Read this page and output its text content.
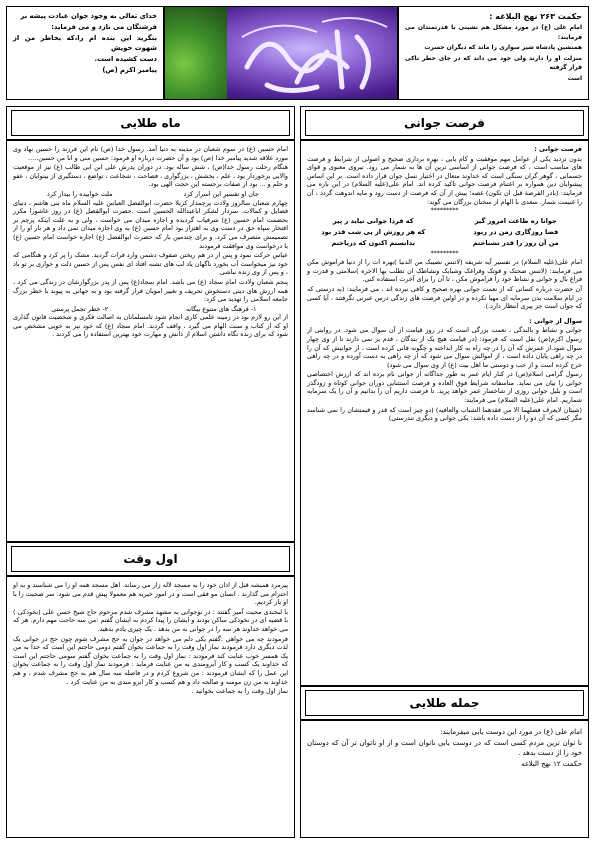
خدای تعالی به وجود جوان عبادت پیشه بر

فرشتگان می نازد و می فرماید:

بنگرید این بنده ام را،که بخاطر من از شهوت خویش

دست کشیده است.

پیامبر اکرم (ص)

حکمت ۲۶۳ نهج البلاغه :

امام علی (ع) در مورد مشکل هم نشینی با قدرتمندان می فرمایند:

همنشین پادشاه شیر سواری را ماند که دیگران حسرت

منزلت او را دارند ولی خود می داند که در جای خطر ناکی قرار گرفته

است

فرصت جوانی

فرصت جوانی :

بدون تردید یکی از عوامل مهم موفقیت و کام یابی ، بهره برداری صحیح و اصولی از شرایط و فرصت های مناسب است ، که فرصت جوانی از اساسی ترین آن ها به شمار می رود. نیروی معنوی و قوای جسمانی ، گوهر گران سنگی است که خداوند متعال در اختیار نسل جوان قرار داده است. بر این اساس پیشوایان دین همواره بر اغتنام فرصت جوانی تاکید کرده اند. امام علی(علیه السلام) در این باره می فرمایند: (بادر الفرصة قبل ان تکون) غصه؛ پیش از آن که فرصت از دست رود و مایه اندوهت گردد ، آن را غنیمت شمار. سعدی با الهام از سخنان بزرگان می گوید:

*********
جوانا ره طاعت امروز گیر
که فردا جوانی نیاید ز پیر
فضا روزگاری زمن در ربود
که هر روزش از پی شب قدر بود
من آن روز را قدر نشناختم
بدانستم اکنون که درباختم
*********

امام علی(علیه السلام) در تفسیر آیه شریفه (لاتنس نصیبک من الدنیا )بهره ات را از دنیا فراموش مکن می فرمایند: (لاتنس صحتک و قوتک وفراغک وشبابک ونشاطک ان تطلب بها الاخره )سلامتی و قدرت و فراغ بال و جوانی و نشاط خود را فراموش مکن ، تا آن را برای آخرت استفاده کنی.

آن حضرت درباره کسانی که از نعمت جوانی بهره صحیح و کافی نبرده اند ، می فرمایند: (به درستی که در ایام سلامت بدن سرمایه ای مهیا نکرده و در اولین فرصت های زندگی درس عبرتی نگرفتند ، آیا کسی که جوان است جز پیری انتظار دارد.).

سوال از جوانی :

جوانی و نشاط و بالندگی ، نعمت بزرگی است که در روز قیامت از آن سوال می شود. در روایتی از رسول اکرم(ص) نقل است که فرمود: (در قیامت هیچ یک از بندگان ، قدم بر نمی دارند تا از وی چهار سوال شود.از عمرش که آن را در چه راه به کار انداخته و چگونه فانی کرده است ، از جوانیش که آن را در چه راهی پایان داده است ، از اموالش سوال می شود که از چه راهی به دست آورده و در چه راهی خرج کرده است و از حب و دوستی ما اهل بیت (ع) از وی سوال می شود)

رسول گرامی اسلام(ص) در کنار ایام عمر به طور جداگانه از جوانی نام برده اند که ارزش اختصاصی جوانی را بیان می نماید. متاسفانه شرایط فوق العاده و فرصت استثنایی دوران جوانی کوتاه و زودگذر است و بلبل جوانی روزی از شاخسار عمر خواهد پرید. تا فرصت داریم آن را بدانیم و آن را یک سرمایه شماریم. امام علی(علیه السلام) می فرمایند:

(شیئان لایعرف فضلهما الا من فقدهما الشباب والعافیه) (دو چیز است که قدر و قیمتشان را نمی شناسد مگر کسی که آن دو را از دست داده باشد: یکی جوانی و دیگری تندرستی)

ماه طلایی

امام حسین (ع) در سوم شعبان در مدینه به دنیا آمد. رسول خدا (ص) نام این فرزند را حسین نهاد وی مورد علاقه شدید پیامبر خدا (ص) بود و آن حضرت درباره او فرمود: حسین منی و انا من حسین.....

هنگام رحلت رسول خدا(ص) ، شش ساله بود. در دوران پدرش علی ابن ابی طالب (ع) نیز از موقعیت والایی برخوردار بود ، علم ، بخشش ، بزرگواری ، فصاحت ، شجاعت ، تواضع ، دستگیری از بینوایان ، عفو و حلم و ... بود از صفات برجسته این حجت الهی بود.

جان او تفسیرِ این اسرار کرد
ملت خوابیده را بیدار کرد

چهارم شعبان سالروز ولادت پرچمدار کربلا حضرت ابوالفضل العباس علیه السلام ماه بنی هاشم ، دنیای فضایل و کمالات. سردار لشکر اباعبدالله الحسین است .حضرت ابوالفضل (ع) در روز عاشورا مکرر بحضمت امام حسین (ع) شرفیاب گردیده و اجازه میدان می خواست ، ولی و به علت اینکه پرچم بر افتخار سپاه حق در دست وی به اهتزاز بود امام حسین (ع) به وی اجازه میدان نمی داد و هر بار او را از تصمیمش منصرف می کرد. و برای چندمین بار که حضرت ابوالفضل (ع) اجازه خواست امام حسین (ع) با درخواست وی موافقت فرمودند

عباس حرکت نمود و پس از در هم ریختن صفوف دشمن وارد فرات گردید. مشک را پر کرد و هنگامی که خود نیز میخواست آب بخورد ناگهان یاد لب های تشنه افتاد ای نفس پس از حسین ذلت و خواری بر تو باد ، و پس از وی زنده نباشی

پنجم شعبان ولادت امام سجاد (ع) می باشد. امام سجاد(ع) پس از پدر بزرگوارشان در زندگی می کرد ، همه ارزش های دینی دستخوش تحریف و تغییر امویان قرار گرفته بود و به جهانی به پیوند با خطر بزرگ جامعه اسلامی را تهدید می کرد:

۱- فرهنگ های متنوع بیگانه
۲- خطر تجمل پرستی

از این رو لازم بود در زمینه علمی کاری انجام شود تامسلمانان به اصالت فکری و شخصیت قانون گذاری او که از کتاب و سنت الهام می گیرد ، واقف گردند. امام سجاد (ع) که خود نیز به خوبی مشخص می شود که برای زنده نگاه داشتن اسلام از دانش و مهارت خود بهترین استفاده را می کردند .

اول وقت

پیرمرد همیشه قبل از اذان خود را به مسجد لاله زار می رساند. اهل مسجد همه او را می شناسند و به او احترام می گذارند . انسان مو فقی است و در امور خیریه هم معمولا پیش قدم می شود. سر صحبت را با او باز کردیم.

با لبخندی محبت آمیز گفتند : در نوجوانی به مشهد مشرف شدم مرحوم حاج شیخ حسن علی (نخودکی ) با قضیه ای در نخودکی ساکن بودند و ایشان را پیدا کردم به ایشان گفتم :من سه حاجت مهم دارم. هر که می خواهد خداوند هر سه را در جوانی به من بدهد . یک چیزی یادم بدهید.

فرمودند چه می خواهی :گفتم یکی دلم می خواهد در جوان به حج مشرف شوم چون حج در جوانی یک لذت دیگری دارد فرمودند نماز اول وقت را به جماعت بخوان گفتم دومی حاجتم این است که خدا به من یک همسر خوب عنایت کند فرمودند : نماز اول وقت را به جماعت بخوان گفتم سومی حاجتم این است که خداوند یک کسب و کار آبرومندی به من عنایت فرماید : فرمودند نماز اول وقت را به جماعت بخوان این عمل را که ایشان فرمودند : من شروع کردم و در فاصله سه سال هم به حج مشرف شدم ، و هم خداوند به من زن مومنه و صالحه داد و هم کسب و کار ابرو مندی به من عنایت کرد .

نماز اول وقت را به جماعت بخوانید .

جمله طلایی

امام علی (ع) در مورد این دوست یابی میفرمایند:

نا توان ترین مردم کسی است که در دوست یابی ناتوان است و از او ناتوان تر آن که دوستان خود را از دست بدهد .

حکمت ۱۲ نهج البلاغه
